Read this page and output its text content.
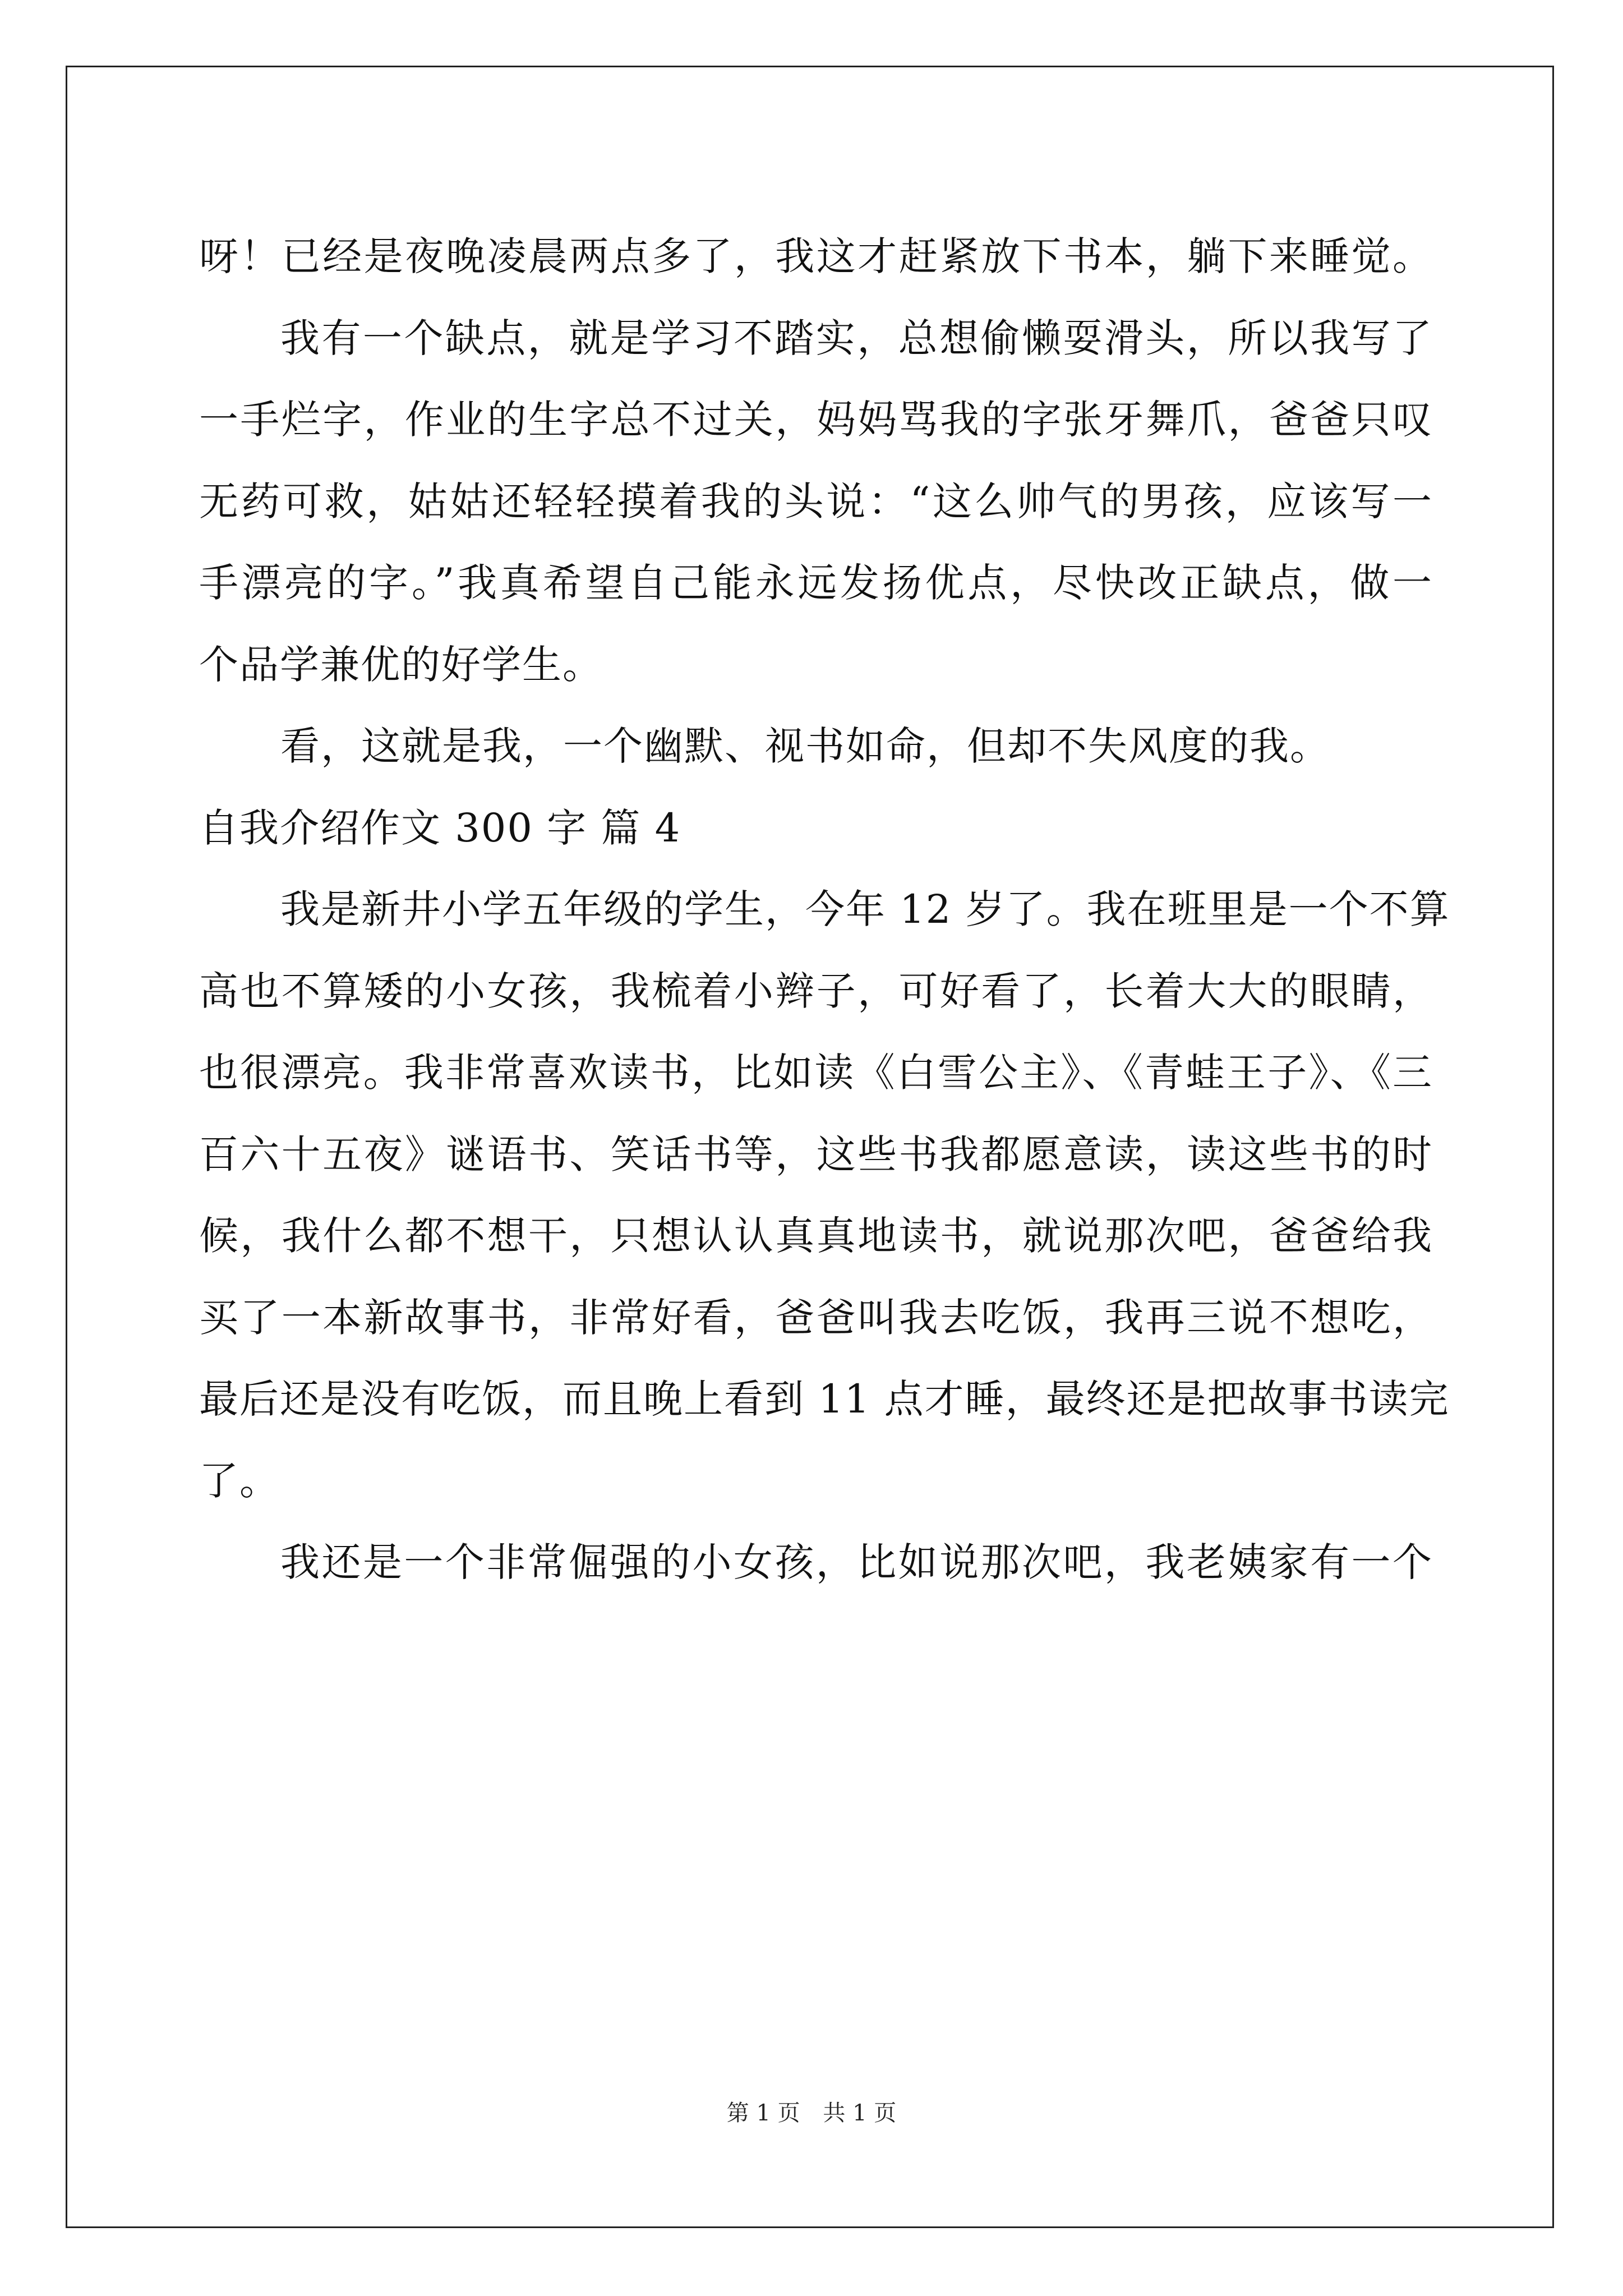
呀！已经是夜晚凌晨两点多了，我这才赶紧放下书本，躺下来睡觉。
我有一个缺点，就是学习不踏实，总想偷懒耍滑头，所以我写了
一手烂字，作业的生字总不过关，妈妈骂我的字张牙舞爪，爸爸只叹
无药可救，姑姑还轻轻摸着我的头说：“这么帅气的男孩，应该写一
手漂亮的字。”我真希望自己能永远发扬优点，尽快改正缺点，做一
个品学兼优的好学生。
看，这就是我，一个幽默、视书如命，但却不失风度的我。
自我介绍作文 300 字 篇 4
我是新井小学五年级的学生，今年 12 岁了。我在班里是一个不算
高也不算矮的小女孩，我梳着小辫子，可好看了，长着大大的眼睛，
也很漂亮。我非常喜欢读书，比如读《白雪公主》、《青蛙王子》、《三
百六十五夜》谜语书、笑话书等，这些书我都愿意读，读这些书的时
候，我什么都不想干，只想认认真真地读书，就说那次吧，爸爸给我
买了一本新故事书，非常好看，爸爸叫我去吃饭，我再三说不想吃，
最后还是没有吃饭，而且晚上看到 11 点才睡，最终还是把故事书读完
了。
我还是一个非常倔强的小女孩，比如说那次吧，我老姨家有一个
第 1 页 共 1 页
